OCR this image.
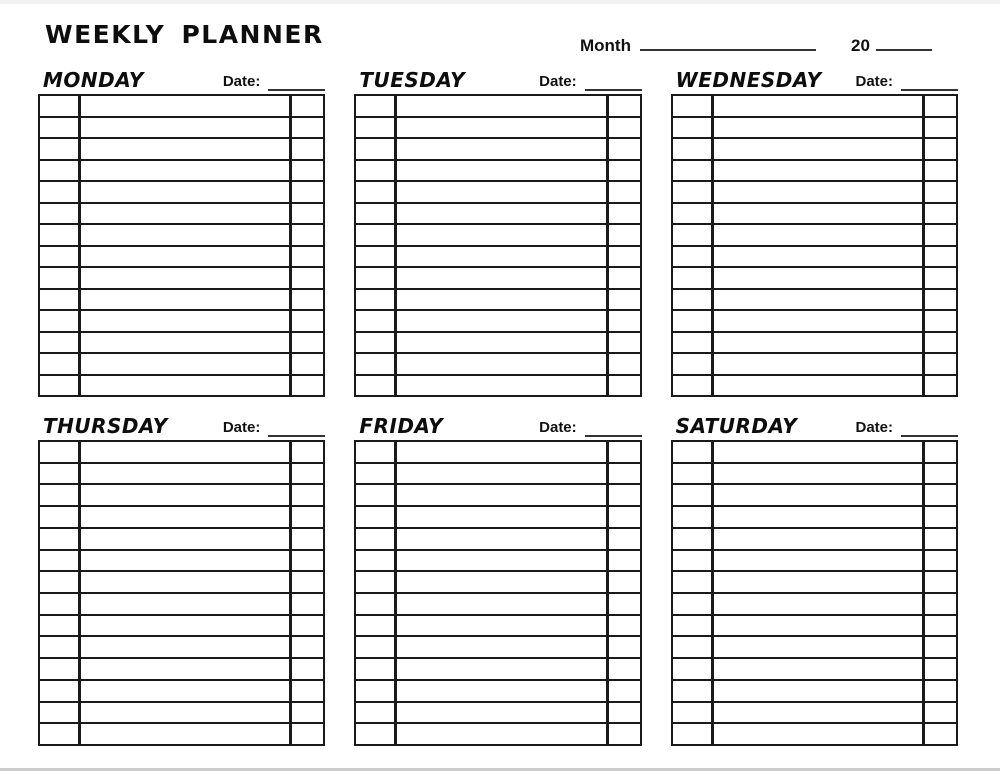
WEEKLY PLANNER	Month	20
MONDAY	Date:	TUESDAY	Date:	WEDNESDAY Date:
THURSDAY	Date:	FRIDAY	Date:	SATURDAY	Date:
